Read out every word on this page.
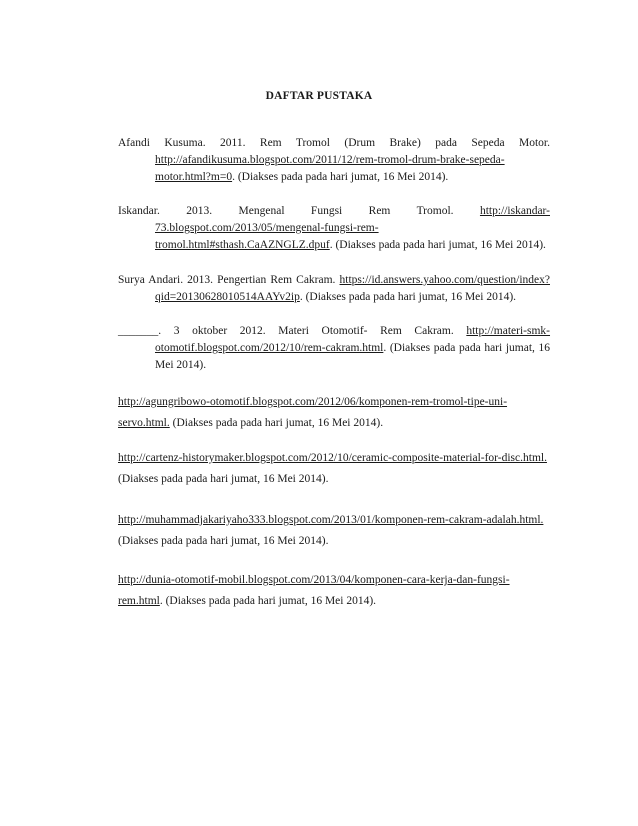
DAFTAR PUSTAKA
Afandi Kusuma. 2011. Rem Tromol (Drum Brake) pada Sepeda Motor. http://afandikusuma.blogspot.com/2011/12/rem-tromol-drum-brake-sepeda-motor.html?m=0. (Diakses pada pada hari jumat, 16 Mei 2014).
Iskandar. 2013. Mengenal Fungsi Rem Tromol. http://iskandar-73.blogspot.com/2013/05/mengenal-fungsi-rem-tromol.html#sthash.CaAZNGLZ.dpuf. (Diakses pada pada hari jumat, 16 Mei 2014).
Surya Andari. 2013. Pengertian Rem Cakram. https://id.answers.yahoo.com/question/index?qid=20130628010514AAYv2ip. (Diakses pada pada hari jumat, 16 Mei 2014).
_______. 3 oktober 2012. Materi Otomotif- Rem Cakram. http://materi-smk-otomotif.blogspot.com/2012/10/rem-cakram.html. (Diakses pada pada hari jumat, 16 Mei 2014).
http://agungribowo-otomotif.blogspot.com/2012/06/komponen-rem-tromol-tipe-uni-servo.html. (Diakses pada pada hari jumat, 16 Mei 2014).
http://cartenz-historymaker.blogspot.com/2012/10/ceramic-composite-material-for-disc.html. (Diakses pada pada hari jumat, 16 Mei 2014).
http://muhammadjakariyaho333.blogspot.com/2013/01/komponen-rem-cakram-adalah.html. (Diakses pada pada hari jumat, 16 Mei 2014).
http://dunia-otomotif-mobil.blogspot.com/2013/04/komponen-cara-kerja-dan-fungsi-rem.html. (Diakses pada pada hari jumat, 16 Mei 2014).
